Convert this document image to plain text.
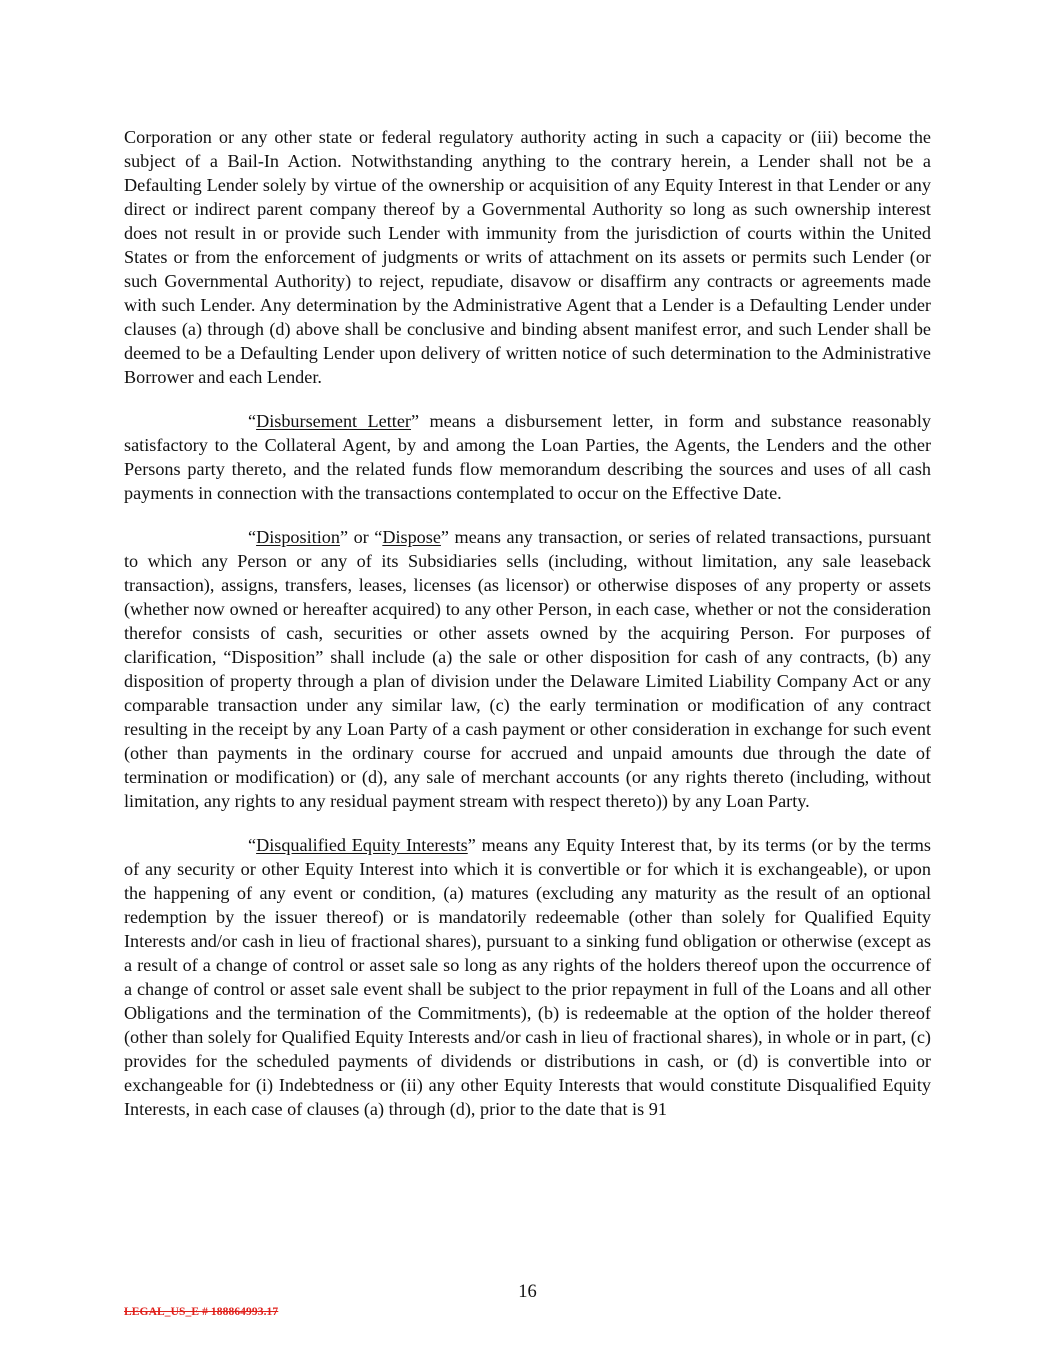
Corporation or any other state or federal regulatory authority acting in such a capacity or (iii) become the subject of a Bail-In Action. Notwithstanding anything to the contrary herein, a Lender shall not be a Defaulting Lender solely by virtue of the ownership or acquisition of any Equity Interest in that Lender or any direct or indirect parent company thereof by a Governmental Authority so long as such ownership interest does not result in or provide such Lender with immunity from the jurisdiction of courts within the United States or from the enforcement of judgments or writs of attachment on its assets or permits such Lender (or such Governmental Authority) to reject, repudiate, disavow or disaffirm any contracts or agreements made with such Lender. Any determination by the Administrative Agent that a Lender is a Defaulting Lender under clauses (a) through (d) above shall be conclusive and binding absent manifest error, and such Lender shall be deemed to be a Defaulting Lender upon delivery of written notice of such determination to the Administrative Borrower and each Lender.

“Disbursement Letter” means a disbursement letter, in form and substance reasonably satisfactory to the Collateral Agent, by and among the Loan Parties, the Agents, the Lenders and the other Persons party thereto, and the related funds flow memorandum describing the sources and uses of all cash payments in connection with the transactions contemplated to occur on the Effective Date.

“Disposition” or “Dispose” means any transaction, or series of related transactions, pursuant to which any Person or any of its Subsidiaries sells (including, without limitation, any sale leaseback transaction), assigns, transfers, leases, licenses (as licensor) or otherwise disposes of any property or assets (whether now owned or hereafter acquired) to any other Person, in each case, whether or not the consideration therefor consists of cash, securities or other assets owned by the acquiring Person. For purposes of clarification, “Disposition” shall include (a) the sale or other disposition for cash of any contracts, (b) any disposition of property through a plan of division under the Delaware Limited Liability Company Act or any comparable transaction under any similar law, (c) the early termination or modification of any contract resulting in the receipt by any Loan Party of a cash payment or other consideration in exchange for such event (other than payments in the ordinary course for accrued and unpaid amounts due through the date of termination or modification) or (d), any sale of merchant accounts (or any rights thereto (including, without limitation, any rights to any residual payment stream with respect thereto)) by any Loan Party.

“Disqualified Equity Interests” means any Equity Interest that, by its terms (or by the terms of any security or other Equity Interest into which it is convertible or for which it is exchangeable), or upon the happening of any event or condition, (a) matures (excluding any maturity as the result of an optional redemption by the issuer thereof) or is mandatorily redeemable (other than solely for Qualified Equity Interests and/or cash in lieu of fractional shares), pursuant to a sinking fund obligation or otherwise (except as a result of a change of control or asset sale so long as any rights of the holders thereof upon the occurrence of a change of control or asset sale event shall be subject to the prior repayment in full of the Loans and all other Obligations and the termination of the Commitments), (b) is redeemable at the option of the holder thereof (other than solely for Qualified Equity Interests and/or cash in lieu of fractional shares), in whole or in part, (c) provides for the scheduled payments of dividends or distributions in cash, or (d) is convertible into or exchangeable for (i) Indebtedness or (ii) any other Equity Interests that would constitute Disqualified Equity Interests, in each case of clauses (a) through (d), prior to the date that is 91

16
LEGAL_US_E # 188864993.17
